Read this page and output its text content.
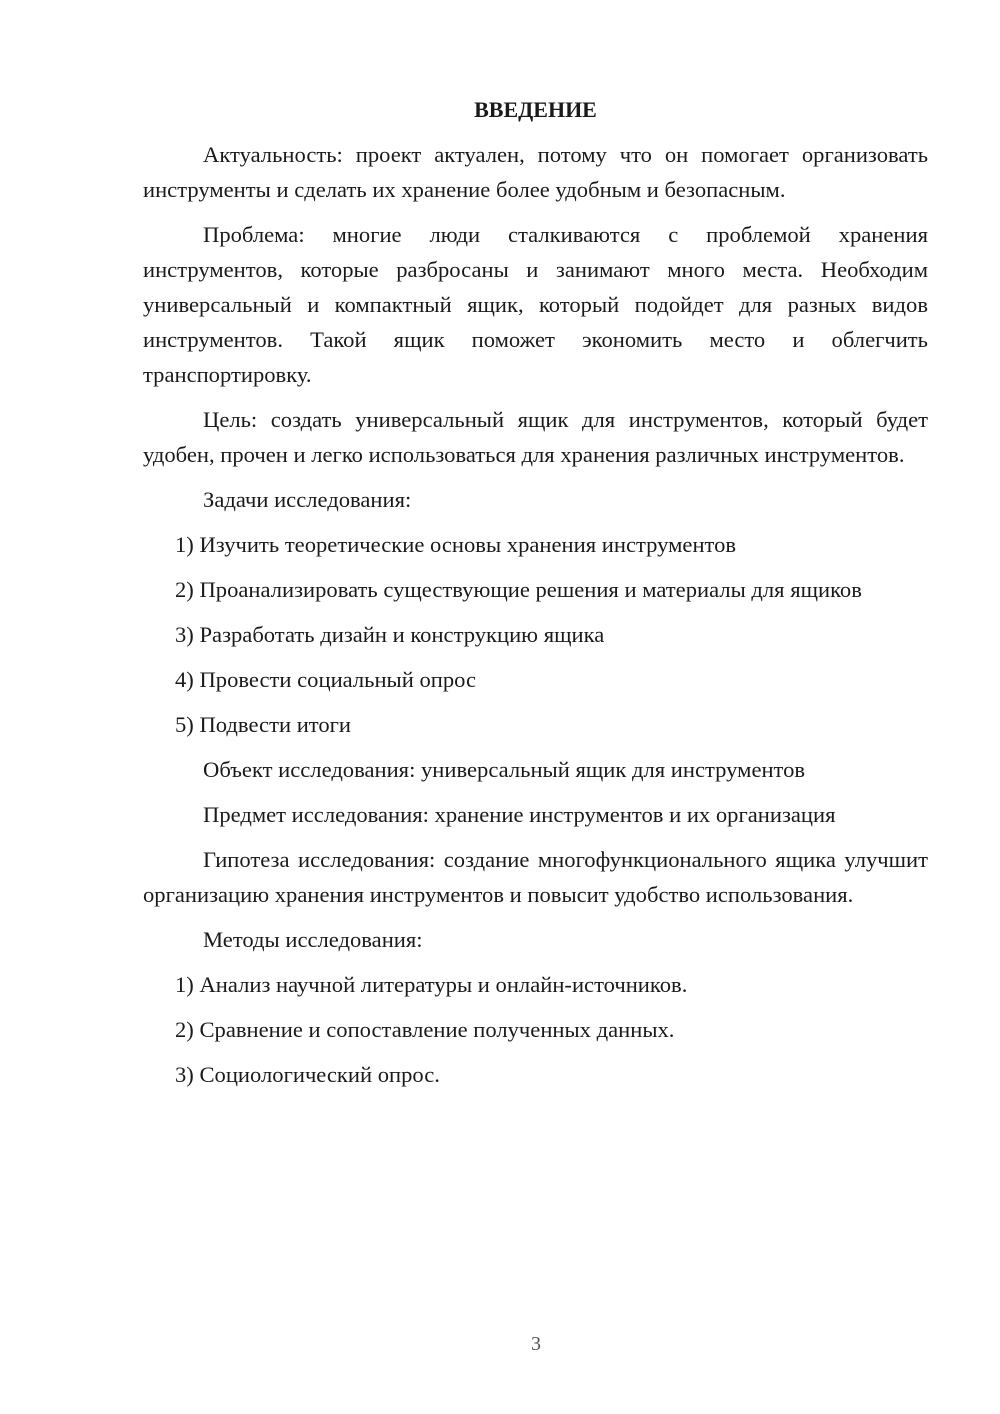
ВВЕДЕНИЕ

Актуальность: проект актуален, потому что он помогает организовать инструменты и сделать их хранение более удобным и безопасным.

Проблема: многие люди сталкиваются с проблемой хранения инструментов, которые разбросаны и занимают много места. Необходим универсальный и компактный ящик, который подойдет для разных видов инструментов. Такой ящик поможет экономить место и облегчить транспортировку.

Цель: создать универсальный ящик для инструментов, который будет удобен, прочен и легко использоваться для хранения различных инструментов.

Задачи исследования:

1) Изучить теоретические основы хранения инструментов

2) Проанализировать существующие решения и материалы для ящиков

3) Разработать дизайн и конструкцию ящика

4) Провести социальный опрос

5) Подвести итоги

Объект исследования: универсальный ящик для инструментов

Предмет исследования: хранение инструментов и их организация

Гипотеза исследования: создание многофункционального ящика улучшит организацию хранения инструментов и повысит удобство использования.

Методы исследования:

1) Анализ научной литературы и онлайн-источников.

2) Сравнение и сопоставление полученных данных.

3) Социологический опрос.

3
